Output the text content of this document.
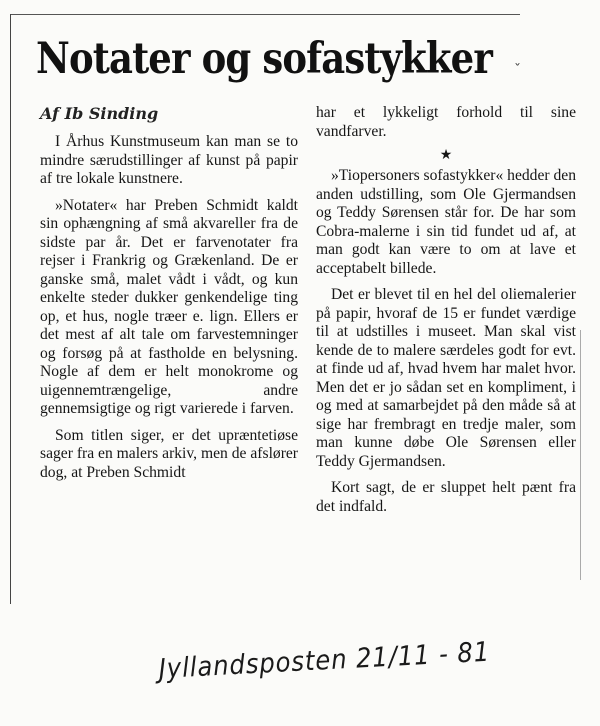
Notater og sofastykker ˇ
Af Ib Sinding

I Århus Kunstmuseum kan man se to mindre særudstillinger af kunst på papir af tre lokale kunstnere.

»Notater« har Preben Schmidt kaldt sin ophængning af små akvareller fra de sidste par år. Det er farvenotater fra rejser i Frankrig og Grækenland. De er ganske små, malet vådt i vådt, og kun enkelte steder dukker genkendelige ting op, et hus, nogle træer e. lign. Ellers er det mest af alt tale om farvestemninger og forsøg på at fastholde en belysning. Nogle af dem er helt monokrome og uigennemtrængelige, andre gennemsigtige og rigt varierede i farven.

Som titlen siger, er det upræntetiøse sager fra en malers arkiv, men de afslører dog, at Preben Schmidt

har et lykkeligt forhold til sine vandfarver.

★

»Tiopersoners sofastykker« hedder den anden udstilling, som Ole Gjermandsen og Teddy Sørensen står for. De har som Cobra-malerne i sin tid fundet ud af, at man godt kan være to om at lave et acceptabelt billede.

Det er blevet til en hel del oliemalerier på papir, hvoraf de 15 er fundet værdige til at udstilles i museet. Man skal vist kende de to malere særdeles godt for evt. at finde ud af, hvad hvem har malet hvor. Men det er jo sådan set en kompliment, i og med at samarbejdet på den måde så at sige har frembragt en tredje maler, som man kunne døbe Ole Sørensen eller Teddy Gjermandsen.

Kort sagt, de er sluppet helt pænt fra det indfald.

Jyllandsposten 21/11 - 81
